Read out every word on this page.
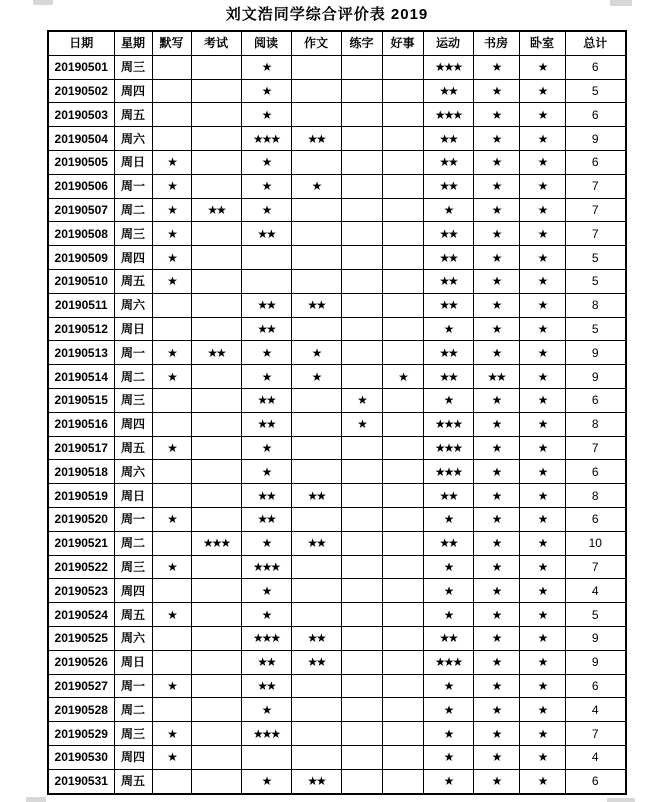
刘文浩同学综合评价表 2019
日期	星期	默写	考试	阅读	作文	练字	好事	运动	书房	卧室	总计
20190501	周三			★				★★★	★	★	6
20190502	周四			★				★★	★	★	5
20190503	周五			★				★★★	★	★	6
20190504	周六			★★★	★★			★★	★	★	9
20190505	周日	★		★				★★	★	★	6
20190506	周一	★		★	★			★★	★	★	7
20190507	周二	★	★★	★				★	★	★	7
20190508	周三	★		★★				★★	★	★	7
20190509	周四	★						★★	★	★	5
20190510	周五	★						★★	★	★	5
20190511	周六			★★	★★			★★	★	★	8
20190512	周日			★★				★	★	★	5
20190513	周一	★	★★	★	★			★★	★	★	9
20190514	周二	★		★	★		★	★★	★★	★	9
20190515	周三			★★		★		★	★	★	6
20190516	周四			★★		★		★★★	★	★	8
20190517	周五	★		★				★★★	★	★	7
20190518	周六			★				★★★	★	★	6
20190519	周日			★★	★★			★★	★	★	8
20190520	周一	★		★★				★	★	★	6
20190521	周二		★★★	★	★★			★★	★	★	10
20190522	周三	★		★★★				★	★	★	7
20190523	周四			★				★	★	★	4
20190524	周五	★		★				★	★	★	5
20190525	周六			★★★	★★			★★	★	★	9
20190526	周日			★★	★★			★★★	★	★	9
20190527	周一	★		★★				★	★	★	6
20190528	周二			★				★	★	★	4
20190529	周三	★		★★★				★	★	★	7
20190530	周四	★						★	★	★	4
20190531	周五			★	★★			★	★	★	6
